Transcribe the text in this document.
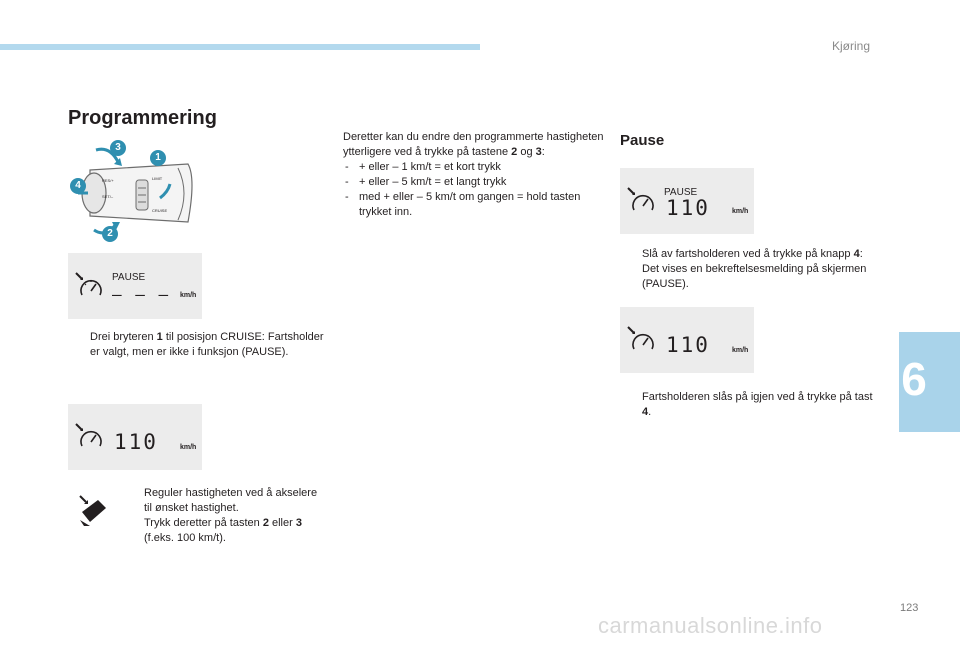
Kjøring
6
Programmering
RES/+
SET/–
LIMIT
CRUISE
1
2
3
4
PAUSE
– – – km/h
Drei bryteren 1 til posisjon CRUISE: Fartsholder er valgt, men er ikke i funksjon (PAUSE).
110	km/h
Reguler hastigheten ved å akselere til ønsket hastighet.
Trykk deretter på tasten 2 eller 3 (f.eks. 100 km/t).
Deretter kan du endre den programmerte hastigheten ytterligere ved å trykke på tastene 2 og 3:
- + eller – 1 km/t = et kort trykk
- + eller – 5 km/t = et langt trykk
- med + eller – 5 km/t om gangen = hold tasten trykket inn.
Pause
PAUSE
110	km/h
Slå av fartsholderen ved å trykke på knapp 4: Det vises en bekreftelsesmelding på skjermen (PAUSE).
110	km/h
Fartsholderen slås på igjen ved å trykke på tast 4.
123
carmanualsonline.info
